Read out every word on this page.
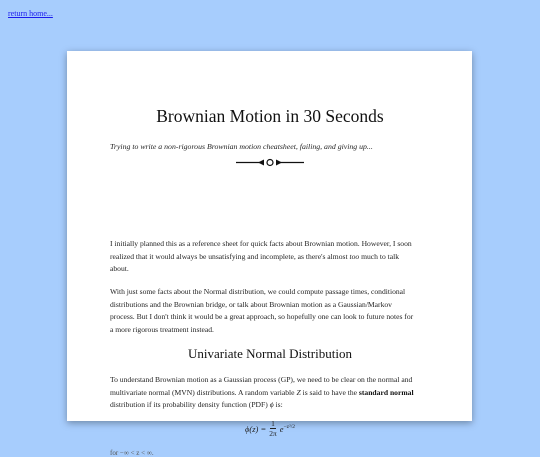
return home...
Brownian Motion in 30 Seconds
Trying to write a non-rigorous Brownian motion cheatsheet, failing, and giving up...

I initially planned this as a reference sheet for quick facts about Brownian motion. However, I soon
realized that it would always be unsatisfying and incomplete, as there's almost too much to talk
about.

With just some facts about the Normal distribution, we could compute passage times, conditional
distributions and the Brownian bridge, or talk about Brownian motion as a Gaussian/Markov
process. But I don't think it would be a great approach, so hopefully one can look to future notes for
a more rigorous treatment instead.

Univariate Normal Distribution

To understand Brownian motion as a Gaussian process (GP), we need to be clear on the normal and
multivariate normal (MVN) distributions. A random variable Z is said to have the standard normal
distribution if its probability density function (PDF) ϕ is:

$\phi(z) = \frac{1}{2\pi} e^{-z^2/2}$
for −∞ < z < ∞.
